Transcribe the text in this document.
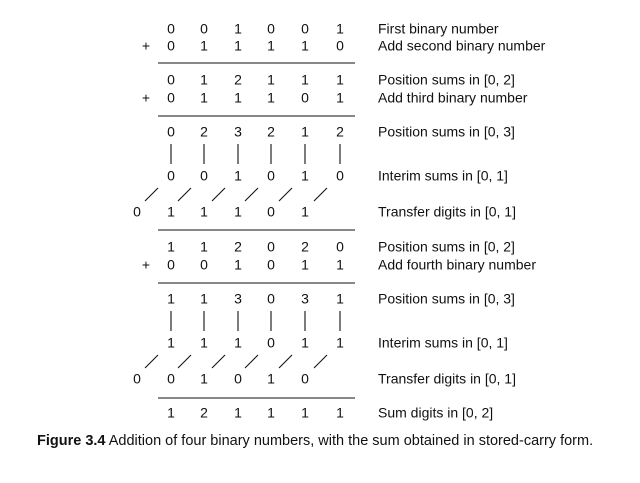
0 0 1 0 0 1 First binary number
+ 0 1 1 1 1 0 Add second binary number
0 1 2 1 1 1 Position sums in [0, 2]
+ 0 1 1 1 0 1 Add third binary number
0 2 3 2 1 2 Position sums in [0, 3]
0 0 1 0 1 0 Interim sums in [0, 1]
0 1 1 1 0 1	Transfer digits in [0, 1]
1 1 2 0 2 0 Position sums in [0, 2]
+ 0 0 1 0 1 1 Add fourth binary number
1 1 3 0 3 1 Position sums in [0, 3]
1 1 1 0 1 1 Interim sums in [0, 1]
0 0 1 0 1 0	Transfer digits in [0, 1]
1 2 1 1 1 1 Sum digits in [0, 2]
Figure 3.4 Addition of four binary numbers, with the sum obtained in stored-carry form.
